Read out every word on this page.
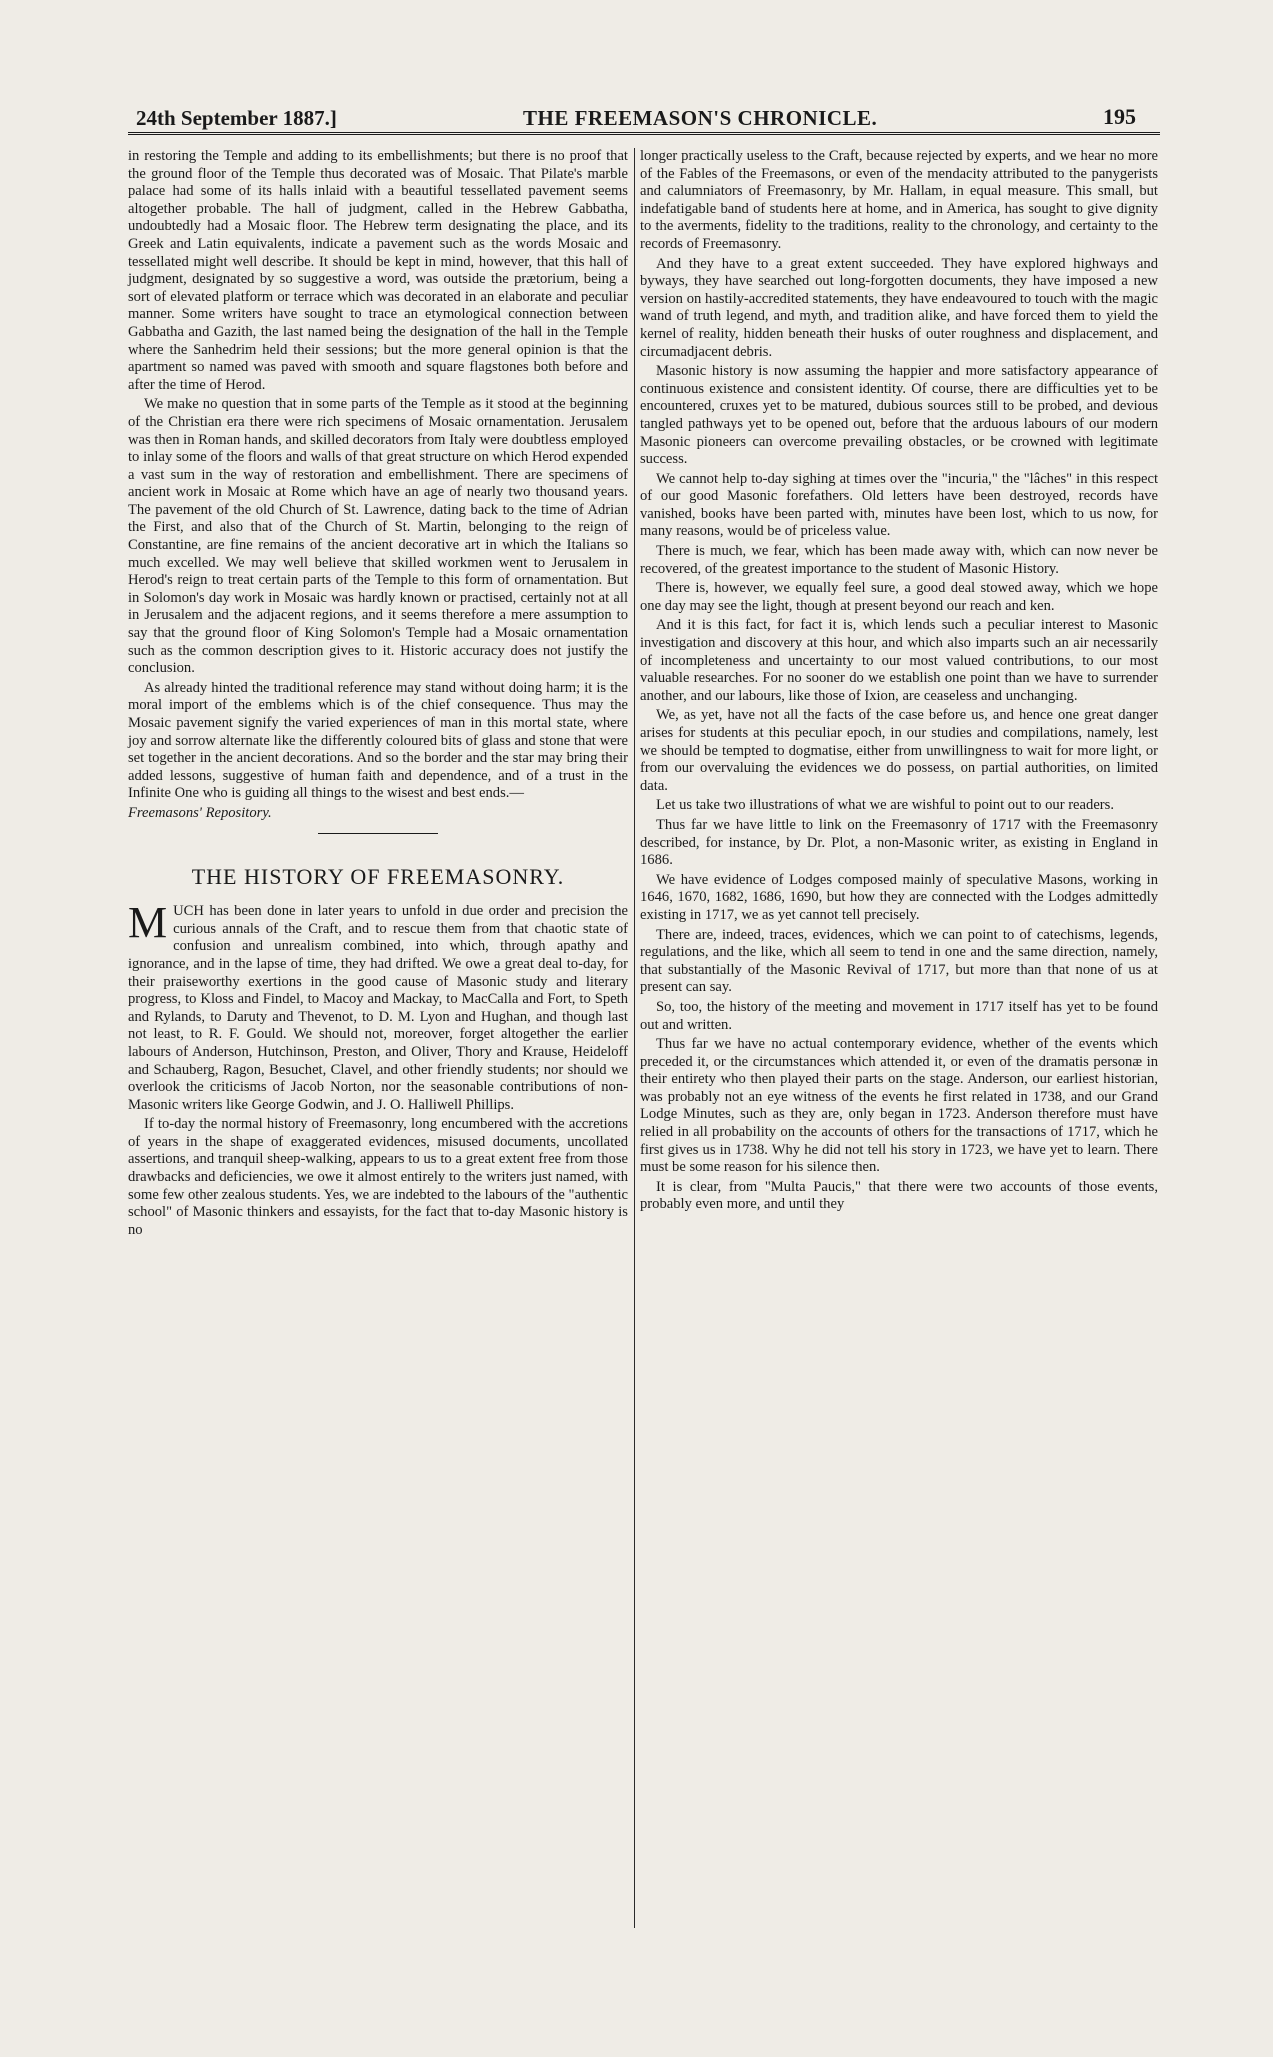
24th September 1887.]	THE FREEMASON'S CHRONICLE.	195

in restoring the Temple and adding to its embellishments; but there is no proof that the ground floor of the Temple thus decorated was of Mosaic. That Pilate's marble palace had some of its halls inlaid with a beautiful tessellated pavement seems altogether probable. The hall of judgment, called in the Hebrew Gabbatha, undoubtedly had a Mosaic floor. The Hebrew term designating the place, and its Greek and Latin equivalents, indicate a pavement such as the words Mosaic and tessellated might well describe. It should be kept in mind, however, that this hall of judgment, designated by so suggestive a word, was outside the prætorium, being a sort of elevated platform or terrace which was decorated in an elaborate and peculiar manner. Some writers have sought to trace an etymological connection between Gabbatha and Gazith, the last named being the designation of the hall in the Temple where the Sanhedrim held their sessions; but the more general opinion is that the apartment so named was paved with smooth and square flagstones both before and after the time of Herod.

We make no question that in some parts of the Temple as it stood at the beginning of the Christian era there were rich specimens of Mosaic ornamentation. Jerusalem was then in Roman hands, and skilled decorators from Italy were doubtless employed to inlay some of the floors and walls of that great structure on which Herod expended a vast sum in the way of restoration and embellishment. There are specimens of ancient work in Mosaic at Rome which have an age of nearly two thousand years. The pavement of the old Church of St. Lawrence, dating back to the time of Adrian the First, and also that of the Church of St. Martin, belonging to the reign of Constantine, are fine remains of the ancient decorative art in which the Italians so much excelled. We may well believe that skilled workmen went to Jerusalem in Herod's reign to treat certain parts of the Temple to this form of ornamentation. But in Solomon's day work in Mosaic was hardly known or practised, certainly not at all in Jerusalem and the adjacent regions, and it seems therefore a mere assumption to say that the ground floor of King Solomon's Temple had a Mosaic ornamentation such as the common description gives to it. Historic accuracy does not justify the conclusion.

As already hinted the traditional reference may stand without doing harm; it is the moral import of the emblems which is of the chief consequence. Thus may the Mosaic pavement signify the varied experiences of man in this mortal state, where joy and sorrow alternate like the differently coloured bits of glass and stone that were set together in the ancient decorations. And so the border and the star may bring their added lessons, suggestive of human faith and dependence, and of a trust in the Infinite One who is guiding all things to the wisest and best ends.—

Freemasons' Repository.

THE HISTORY OF FREEMASONRY.

MUCH has been done in later years to unfold in due order and precision the curious annals of the Craft, and to rescue them from that chaotic state of confusion and unrealism combined, into which, through apathy and ignorance, and in the lapse of time, they had drifted. We owe a great deal to-day, for their praiseworthy exertions in the good cause of Masonic study and literary progress, to Kloss and Findel, to Macoy and Mackay, to MacCalla and Fort, to Speth and Rylands, to Daruty and Thevenot, to D. M. Lyon and Hughan, and though last not least, to R. F. Gould. We should not, moreover, forget altogether the earlier labours of Anderson, Hutchinson, Preston, and Oliver, Thory and Krause, Heideloff and Schauberg, Ragon, Besuchet, Clavel, and other friendly students; nor should we overlook the criticisms of Jacob Norton, nor the seasonable contributions of non-Masonic writers like George Godwin, and J. O. Halliwell Phillips.

If to-day the normal history of Freemasonry, long encumbered with the accretions of years in the shape of exaggerated evidences, misused documents, uncollated assertions, and tranquil sheep-walking, appears to us to a great extent free from those drawbacks and deficiencies, we owe it almost entirely to the writers just named, with some few other zealous students. Yes, we are indebted to the labours of the "authentic school" of Masonic thinkers and essayists, for the fact that to-day Masonic history is no

longer practically useless to the Craft, because rejected by experts, and we hear no more of the Fables of the Freemasons, or even of the mendacity attributed to the panygerists and calumniators of Freemasonry, by Mr. Hallam, in equal measure. This small, but indefatigable band of students here at home, and in America, has sought to give dignity to the averments, fidelity to the traditions, reality to the chronology, and certainty to the records of Freemasonry.

And they have to a great extent succeeded. They have explored highways and byways, they have searched out long-forgotten documents, they have imposed a new version on hastily-accredited statements, they have endeavoured to touch with the magic wand of truth legend, and myth, and tradition alike, and have forced them to yield the kernel of reality, hidden beneath their husks of outer roughness and displacement, and circumadjacent debris.

Masonic history is now assuming the happier and more satisfactory appearance of continuous existence and consistent identity. Of course, there are difficulties yet to be encountered, cruxes yet to be matured, dubious sources still to be probed, and devious tangled pathways yet to be opened out, before that the arduous labours of our modern Masonic pioneers can overcome prevailing obstacles, or be crowned with legitimate success.

We cannot help to-day sighing at times over the "incuria," the "lâches" in this respect of our good Masonic forefathers. Old letters have been destroyed, records have vanished, books have been parted with, minutes have been lost, which to us now, for many reasons, would be of priceless value.

There is much, we fear, which has been made away with, which can now never be recovered, of the greatest importance to the student of Masonic History.

There is, however, we equally feel sure, a good deal stowed away, which we hope one day may see the light, though at present beyond our reach and ken.

And it is this fact, for fact it is, which lends such a peculiar interest to Masonic investigation and discovery at this hour, and which also imparts such an air necessarily of incompleteness and uncertainty to our most valued contributions, to our most valuable researches. For no sooner do we establish one point than we have to surrender another, and our labours, like those of Ixion, are ceaseless and unchanging.

We, as yet, have not all the facts of the case before us, and hence one great danger arises for students at this peculiar epoch, in our studies and compilations, namely, lest we should be tempted to dogmatise, either from unwillingness to wait for more light, or from our overvaluing the evidences we do possess, on partial authorities, on limited data.

Let us take two illustrations of what we are wishful to point out to our readers.

Thus far we have little to link on the Freemasonry of 1717 with the Freemasonry described, for instance, by Dr. Plot, a non-Masonic writer, as existing in England in 1686.

We have evidence of Lodges composed mainly of speculative Masons, working in 1646, 1670, 1682, 1686, 1690, but how they are connected with the Lodges admittedly existing in 1717, we as yet cannot tell precisely.

There are, indeed, traces, evidences, which we can point to of catechisms, legends, regulations, and the like, which all seem to tend in one and the same direction, namely, that substantially of the Masonic Revival of 1717, but more than that none of us at present can say.

So, too, the history of the meeting and movement in 1717 itself has yet to be found out and written.

Thus far we have no actual contemporary evidence, whether of the events which preceded it, or the circumstances which attended it, or even of the dramatis personæ in their entirety who then played their parts on the stage. Anderson, our earliest historian, was probably not an eye witness of the events he first related in 1738, and our Grand Lodge Minutes, such as they are, only began in 1723. Anderson therefore must have relied in all probability on the accounts of others for the transactions of 1717, which he first gives us in 1738. Why he did not tell his story in 1723, we have yet to learn. There must be some reason for his silence then.

It is clear, from "Multa Paucis," that there were two accounts of those events, probably even more, and until they
